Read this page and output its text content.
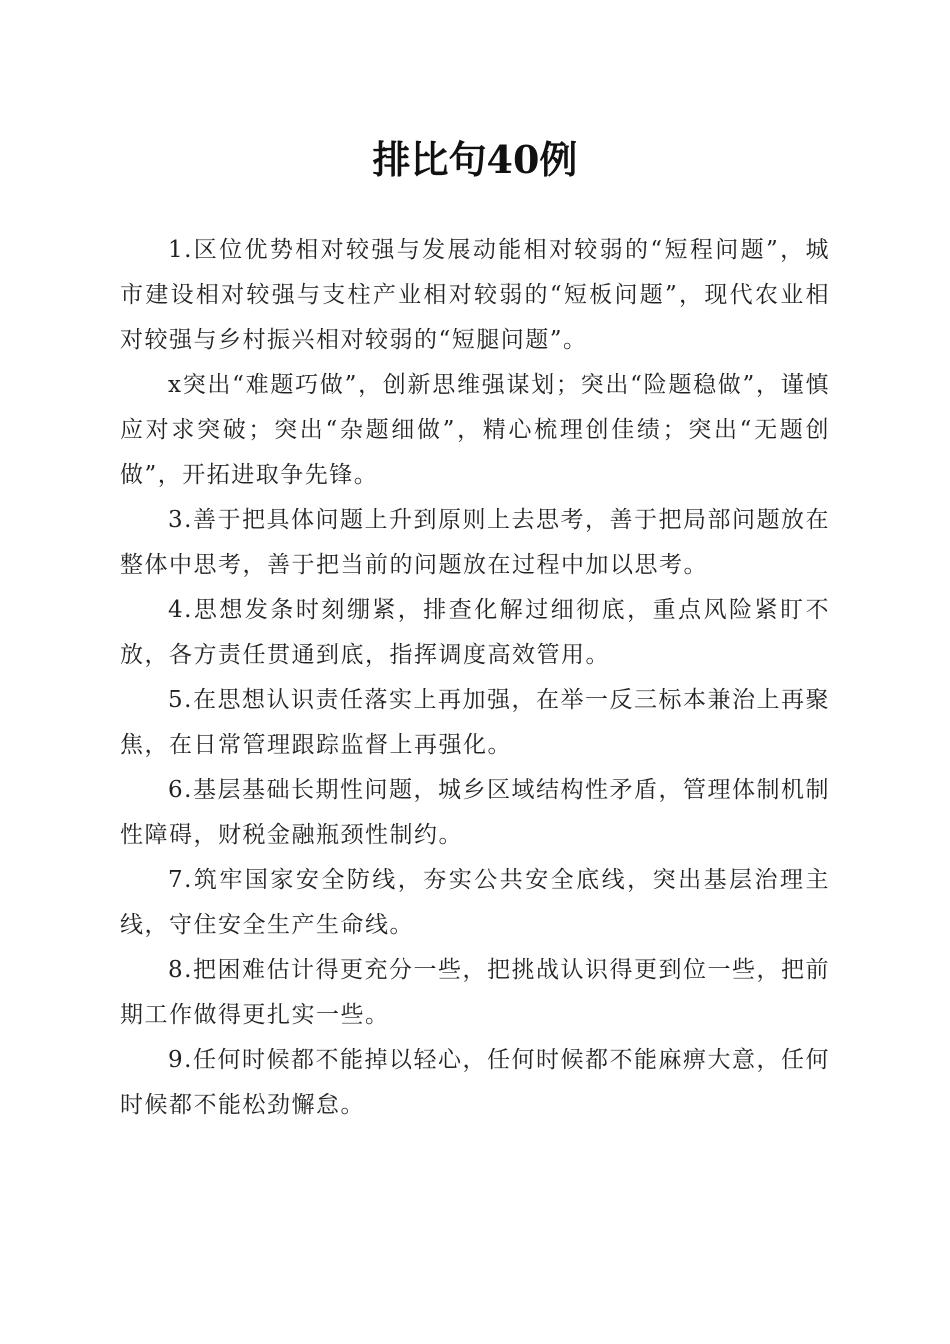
排比句40例

1.区位优势相对较强与发展动能相对较弱的“短程问题”，城市建设相对较强与支柱产业相对较弱的“短板问题”，现代农业相对较强与乡村振兴相对较弱的“短腿问题”。

x突出“难题巧做”，创新思维强谋划；突出“险题稳做”，谨慎应对求突破；突出“杂题细做”，精心梳理创佳绩；突出“无题创做”，开拓进取争先锋。

3.善于把具体问题上升到原则上去思考，善于把局部问题放在整体中思考，善于把当前的问题放在过程中加以思考。

4.思想发条时刻绷紧，排查化解过细彻底，重点风险紧盯不放，各方责任贯通到底，指挥调度高效管用。

5.在思想认识责任落实上再加强，在举一反三标本兼治上再聚焦，在日常管理跟踪监督上再强化。

6.基层基础长期性问题，城乡区域结构性矛盾，管理体制机制性障碍，财税金融瓶颈性制约。

7.筑牢国家安全防线，夯实公共安全底线，突出基层治理主线，守住安全生产生命线。

8.把困难估计得更充分一些，把挑战认识得更到位一些，把前期工作做得更扎实一些。

9.任何时候都不能掉以轻心，任何时候都不能麻痹大意，任何时候都不能松劲懈怠。
